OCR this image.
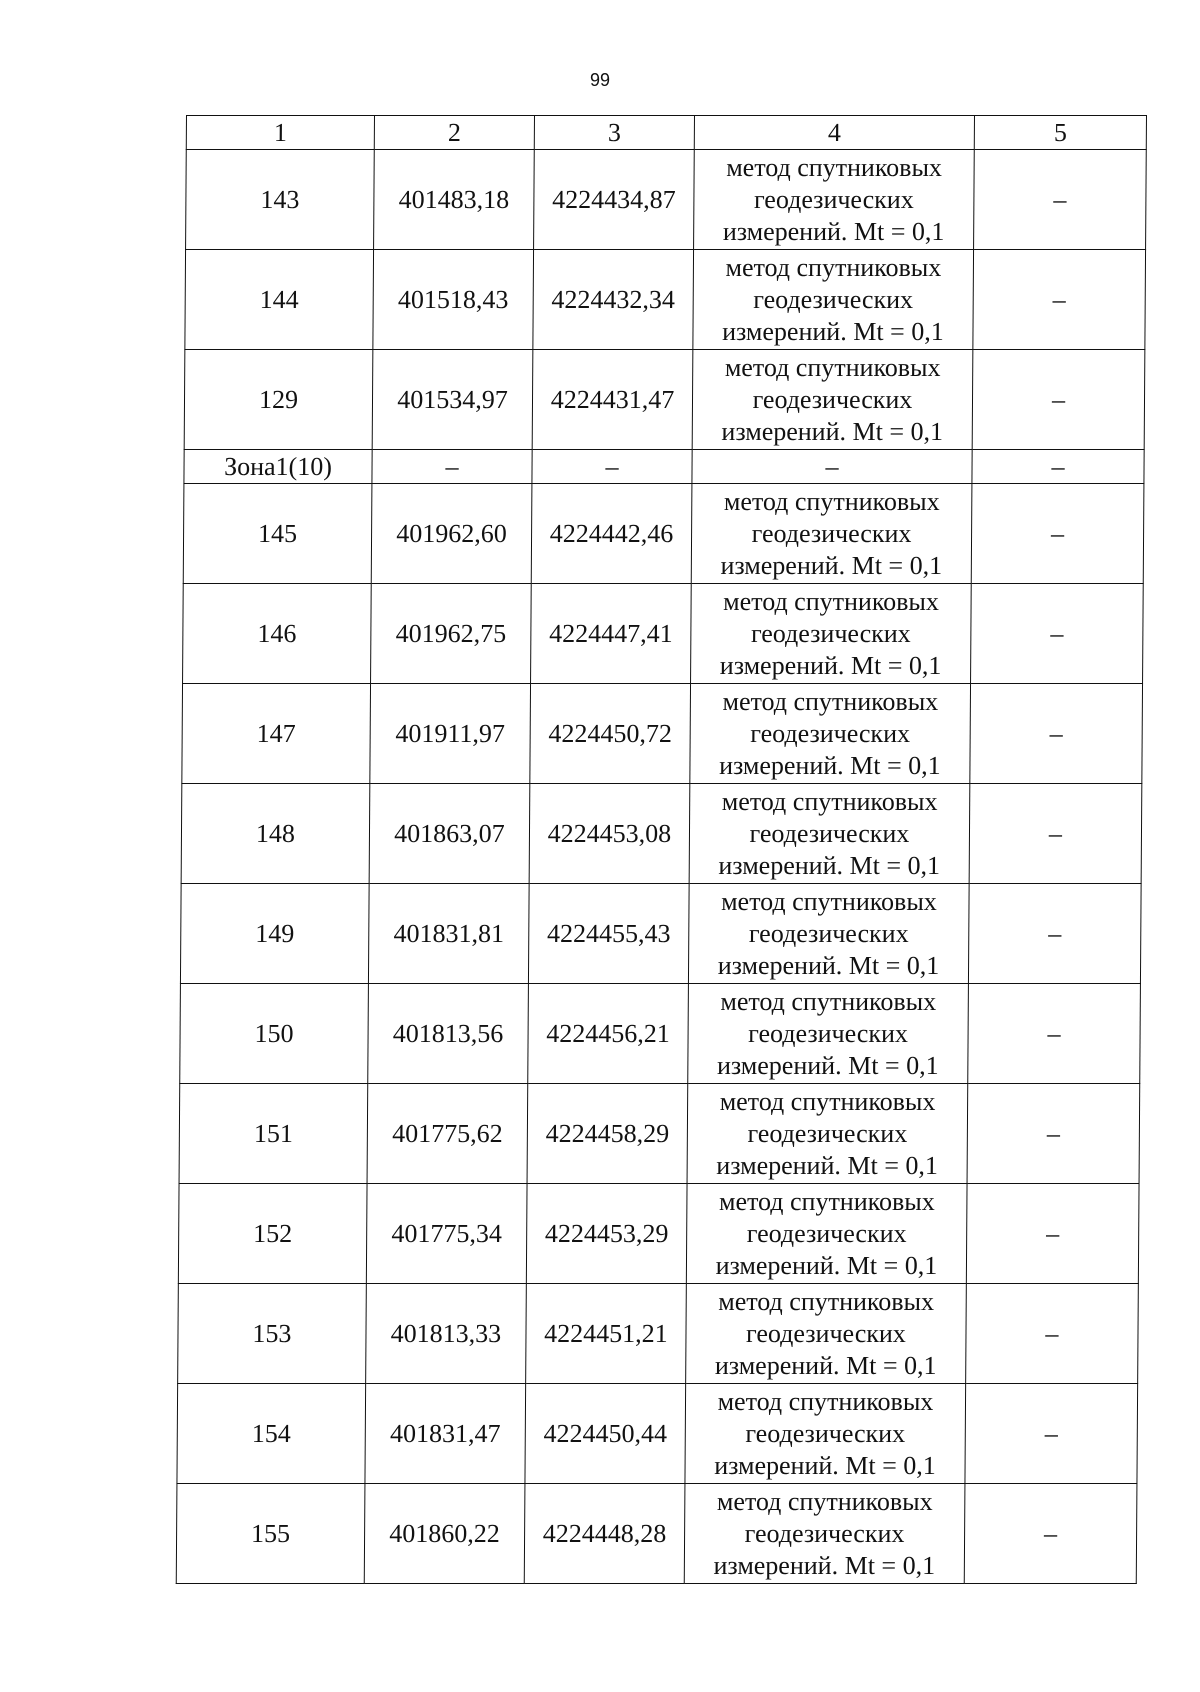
99
1	2	3	4	5
143	401483,18	4224434,87	метод спутниковых
геодезических
измерений. Mt = 0,1	–
144	401518,43	4224432,34	метод спутниковых
геодезических
измерений. Mt = 0,1	–
129	401534,97	4224431,47	метод спутниковых
геодезических
измерений. Mt = 0,1	–
Зона1(10)	–	–	–	–
145	401962,60	4224442,46	метод спутниковых
геодезических
измерений. Mt = 0,1	–
146	401962,75	4224447,41	метод спутниковых
геодезических
измерений. Mt = 0,1	–
147	401911,97	4224450,72	метод спутниковых
геодезических
измерений. Mt = 0,1	–
148	401863,07	4224453,08	метод спутниковых
геодезических
измерений. Mt = 0,1	–
149	401831,81	4224455,43	метод спутниковых
геодезических
измерений. Mt = 0,1	–
150	401813,56	4224456,21	метод спутниковых
геодезических
измерений. Mt = 0,1	–
151	401775,62	4224458,29	метод спутниковых
геодезических
измерений. Mt = 0,1	–
152	401775,34	4224453,29	метод спутниковых
геодезических
измерений. Mt = 0,1	–
153	401813,33	4224451,21	метод спутниковых
геодезических
измерений. Mt = 0,1	–
154	401831,47	4224450,44	метод спутниковых
геодезических
измерений. Mt = 0,1	–
155	401860,22	4224448,28	метод спутниковых
геодезических
измерений. Mt = 0,1	–
